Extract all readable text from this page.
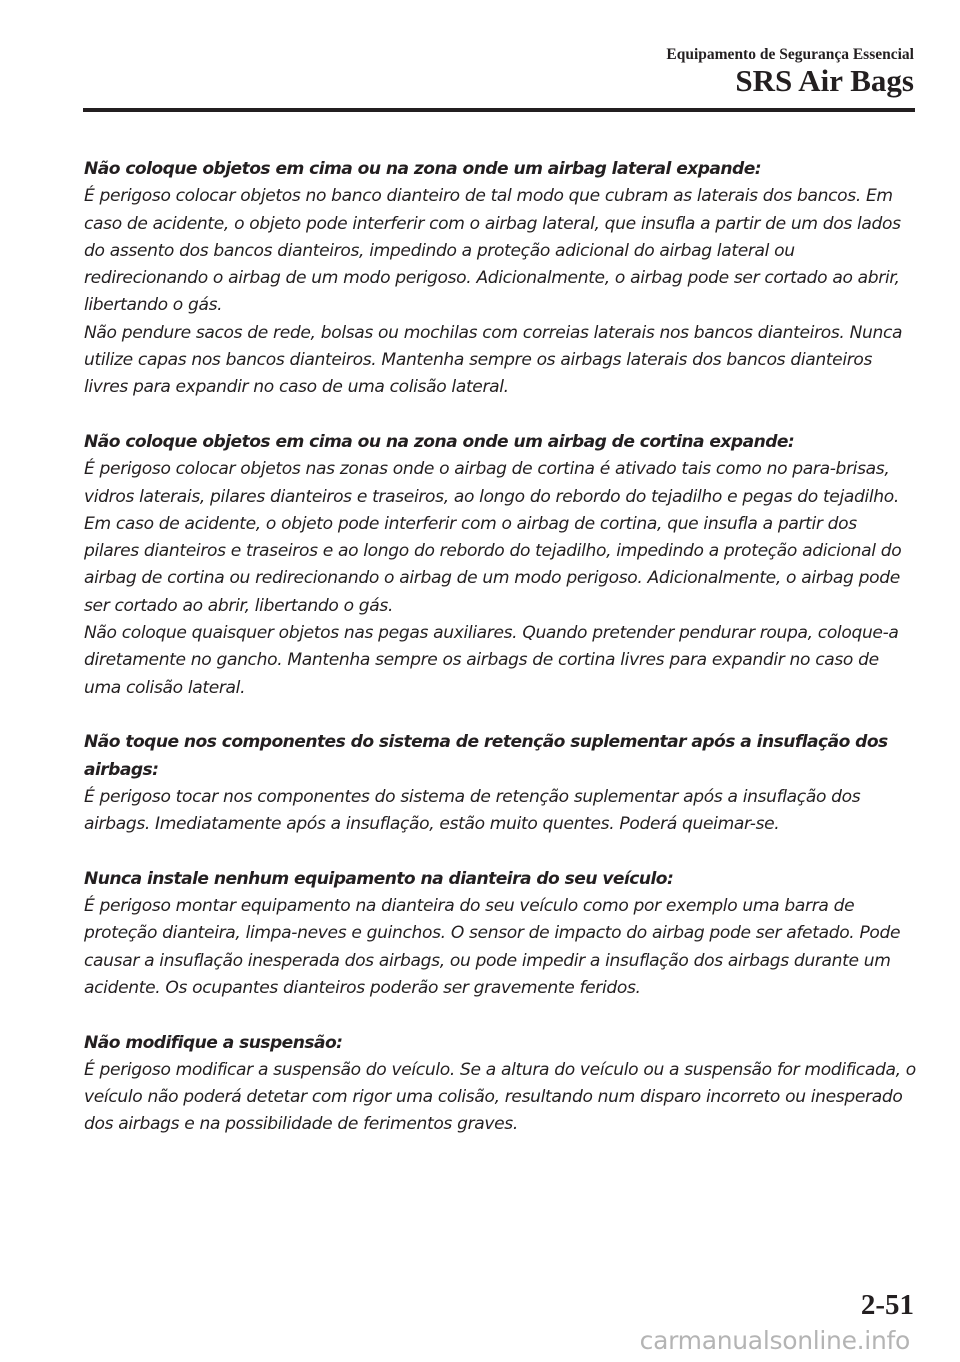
Equipamento de Segurança Essencial
SRS Air Bags

Não coloque objetos em cima ou na zona onde um airbag lateral expande:

É perigoso colocar objetos no banco dianteiro de tal modo que cubram as laterais dos bancos. Em caso de acidente, o objeto pode interferir com o airbag lateral, que insufla a partir de um dos lados do assento dos bancos dianteiros, impedindo a proteção adicional do airbag lateral ou redirecionando o airbag de um modo perigoso. Adicionalmente, o airbag pode ser cortado ao abrir, libertando o gás.

Não pendure sacos de rede, bolsas ou mochilas com correias laterais nos bancos dianteiros. Nunca utilize capas nos bancos dianteiros. Mantenha sempre os airbags laterais dos bancos dianteiros livres para expandir no caso de uma colisão lateral.

Não coloque objetos em cima ou na zona onde um airbag de cortina expande:

É perigoso colocar objetos nas zonas onde o airbag de cortina é ativado tais como no para-brisas, vidros laterais, pilares dianteiros e traseiros, ao longo do rebordo do tejadilho e pegas do tejadilho. Em caso de acidente, o objeto pode interferir com o airbag de cortina, que insufla a partir dos pilares dianteiros e traseiros e ao longo do rebordo do tejadilho, impedindo a proteção adicional do airbag de cortina ou redirecionando o airbag de um modo perigoso. Adicionalmente, o airbag pode ser cortado ao abrir, libertando o gás.

Não coloque quaisquer objetos nas pegas auxiliares. Quando pretender pendurar roupa, coloque-a diretamente no gancho. Mantenha sempre os airbags de cortina livres para expandir no caso de uma colisão lateral.

Não toque nos componentes do sistema de retenção suplementar após a insuflação dos airbags:

É perigoso tocar nos componentes do sistema de retenção suplementar após a insuflação dos airbags. Imediatamente após a insuflação, estão muito quentes. Poderá queimar-se.

Nunca instale nenhum equipamento na dianteira do seu veículo:

É perigoso montar equipamento na dianteira do seu veículo como por exemplo uma barra de proteção dianteira, limpa-neves e guinchos. O sensor de impacto do airbag pode ser afetado. Pode causar a insuflação inesperada dos airbags, ou pode impedir a insuflação dos airbags durante um acidente. Os ocupantes dianteiros poderão ser gravemente feridos.

Não modifique a suspensão:

É perigoso modificar a suspensão do veículo. Se a altura do veículo ou a suspensão for modificada, o veículo não poderá detetar com rigor uma colisão, resultando num disparo incorreto ou inesperado dos airbags e na possibilidade de ferimentos graves.

2-51
carmanualsonline.info
